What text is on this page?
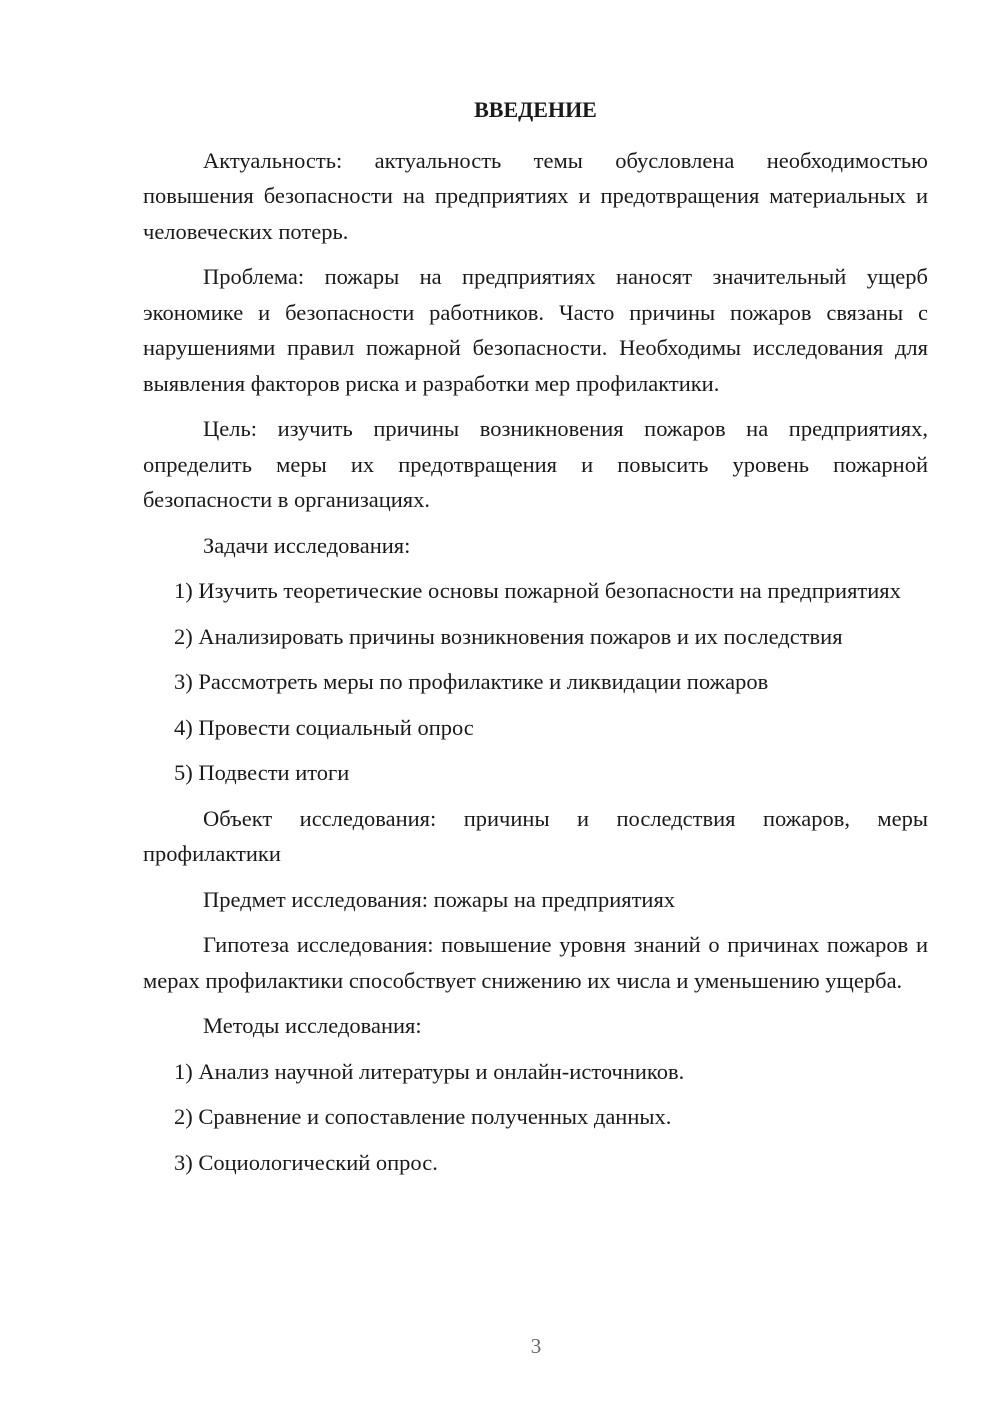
ВВЕДЕНИЕ

Актуальность: актуальность темы обусловлена необходимостью повышения безопасности на предприятиях и предотвращения материальных и человеческих потерь.

Проблема: пожары на предприятиях наносят значительный ущерб экономике и безопасности работников. Часто причины пожаров связаны с нарушениями правил пожарной безопасности. Необходимы исследования для выявления факторов риска и разработки мер профилактики.

Цель: изучить причины возникновения пожаров на предприятиях, определить меры их предотвращения и повысить уровень пожарной безопасности в организациях.

Задачи исследования:

1) Изучить теоретические основы пожарной безопасности на предприятиях

2) Анализировать причины возникновения пожаров и их последствия

3) Рассмотреть меры по профилактике и ликвидации пожаров

4) Провести социальный опрос

5) Подвести итоги

Объект исследования: причины и последствия пожаров, меры профилактики

Предмет исследования: пожары на предприятиях

Гипотеза исследования: повышение уровня знаний о причинах пожаров и мерах профилактики способствует снижению их числа и уменьшению ущерба.

Методы исследования:

1) Анализ научной литературы и онлайн-источников.

2) Сравнение и сопоставление полученных данных.

3) Социологический опрос.

3
